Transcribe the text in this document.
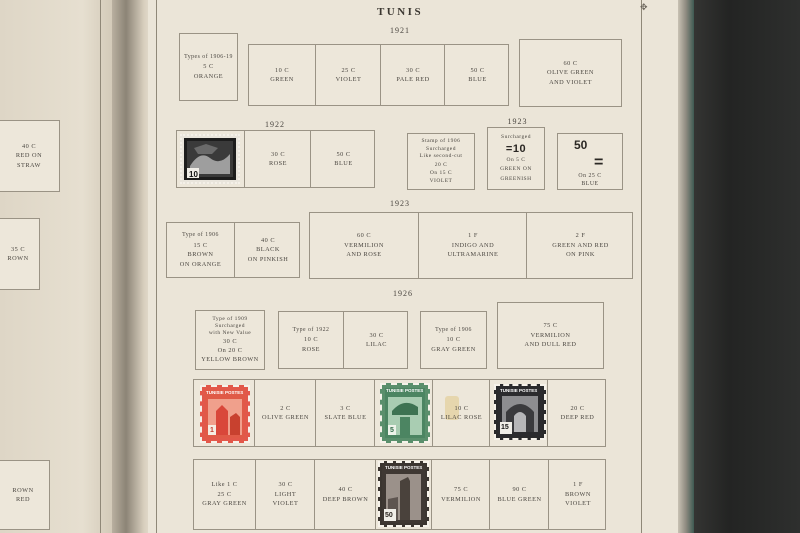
40 C
RED ON
STRAW
35 C
ROWN
ROWN
RED
✥
TUNIS
1921
Types of 1906-19
5 C
ORANGE
10 C
GREEN
25 C
VIOLET
30 C
PALE RED
50 C
BLUE
60 C
OLIVE GREEN
AND VIOLET
1922	1923
10
30 C
ROSE
50 C
BLUE
Stamp of 1906
Surcharged
Like second-cut
20 C
On 15 C
VIOLET
Surcharged
=10
On 5 C
GREEN ON
GREENISH
50
=
On 25 C
BLUE
1923
Type of 1906
15 C
BROWN
ON ORANGE
40 C
BLACK
ON PINKISH
60 C
VERMILION
AND ROSE
1 F
INDIGO AND
ULTRAMARINE
2 F
GREEN AND RED
ON PINK
1926
Type of 1909
Surcharged
with New Value
30 C
On 20 C
YELLOW BROWN
Type of 1922
10 C
ROSE
30 C
LILAC
Type of 1906
10 C
GRAY GREEN
75 C
VERMILION
AND DULL RED
TUNISIE POSTES
1
2 C
OLIVE GREEN
3 C
SLATE BLUE
TUNISIE POSTES
5
10 C
LILAC ROSE
TUNISIE POSTES
15
20 C
DEEP RED
Like 1 C
25 C
GRAY GREEN
30 C
LIGHT
VIOLET
40 C
DEEP BROWN
TUNISIE POSTES
50
75 C
VERMILION
90 C
BLUE GREEN
1 F
BROWN
VIOLET
